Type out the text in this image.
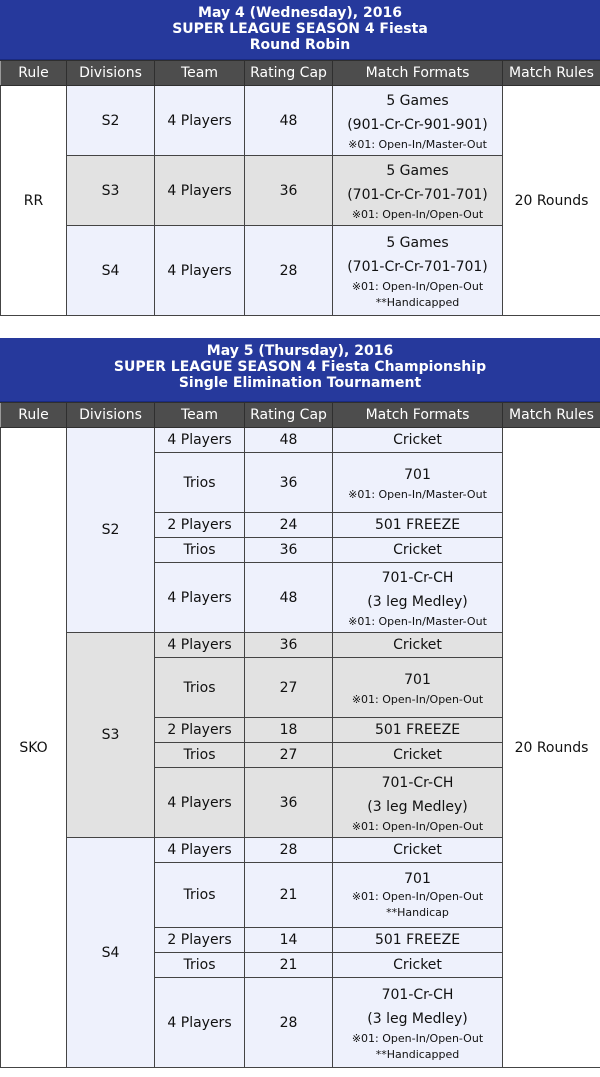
May 4 (Wednesday), 2016
SUPER LEAGUE SEASON 4 Fiesta
Round Robin
Rule	Divisions	Team	Rating Cap	Match Formats	Match Rules
RR	S2	4 Players	48	5 Games
(901-Cr-Cr-901-901)
※01: Open-In/Master-Out	20 Rounds
	S3	4 Players	36	5 Games
(701-Cr-Cr-701-701)
※01: Open-In/Open-Out	

	S4	4 Players	28	5 Games
(701-Cr-Cr-701-701)
※01: Open-In/Open-Out
**Handicapped	
May 5 (Thursday), 2016
SUPER LEAGUE SEASON 4 Fiesta Championship
Single Elimination Tournament
Rule	Divisions	Team	Rating Cap	Match Formats	Match Rules
SKO	S2	4 Players	48	Cricket	20 Rounds
		Trios	36	701
※01: Open-In/Master-Out	

		2 Players	24	501 FREEZE	
		Trios	36	Cricket	
		4 Players	48	701-Cr-CH
(3 leg Medley)
※01: Open-In/Master-Out	

	S3	4 Players	36	Cricket	
		Trios	27	701
※01: Open-In/Open-Out	

		2 Players	18	501 FREEZE	
		Trios	27	Cricket	
		4 Players	36	701-Cr-CH
(3 leg Medley)
※01: Open-In/Open-Out	

	S4	4 Players	28	Cricket	
		Trios	21	701
※01: Open-In/Open-Out
**Handicap	

		2 Players	14	501 FREEZE	
		Trios	21	Cricket	
		4 Players	28	701-Cr-CH
(3 leg Medley)
※01: Open-In/Open-Out
**Handicapped	
